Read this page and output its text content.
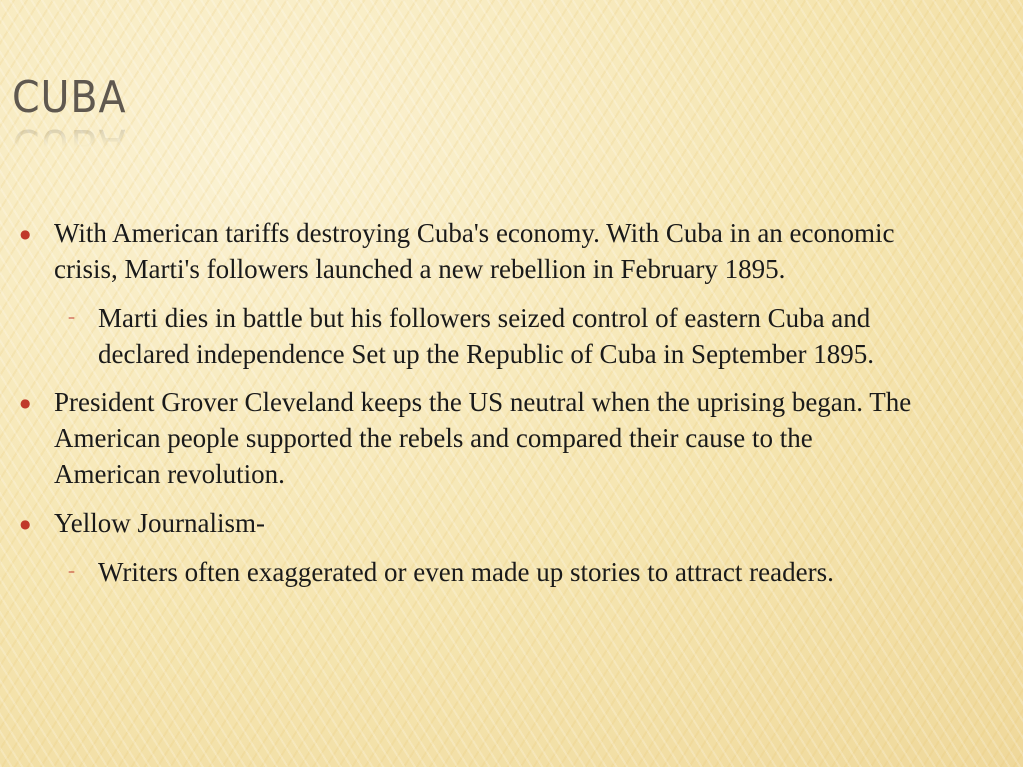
CUBA
● With American tariffs destroying Cuba's economy. With Cuba in an economic crisis, Marti's followers launched a new rebellion in February 1895.
– Marti dies in battle but his followers seized control of eastern Cuba and declared independence Set up the Republic of Cuba in September 1895.
● President Grover Cleveland keeps the US neutral when the uprising began. The American people supported the rebels and compared their cause to the American revolution.
● Yellow Journalism-
– Writers often exaggerated or even made up stories to attract readers.
